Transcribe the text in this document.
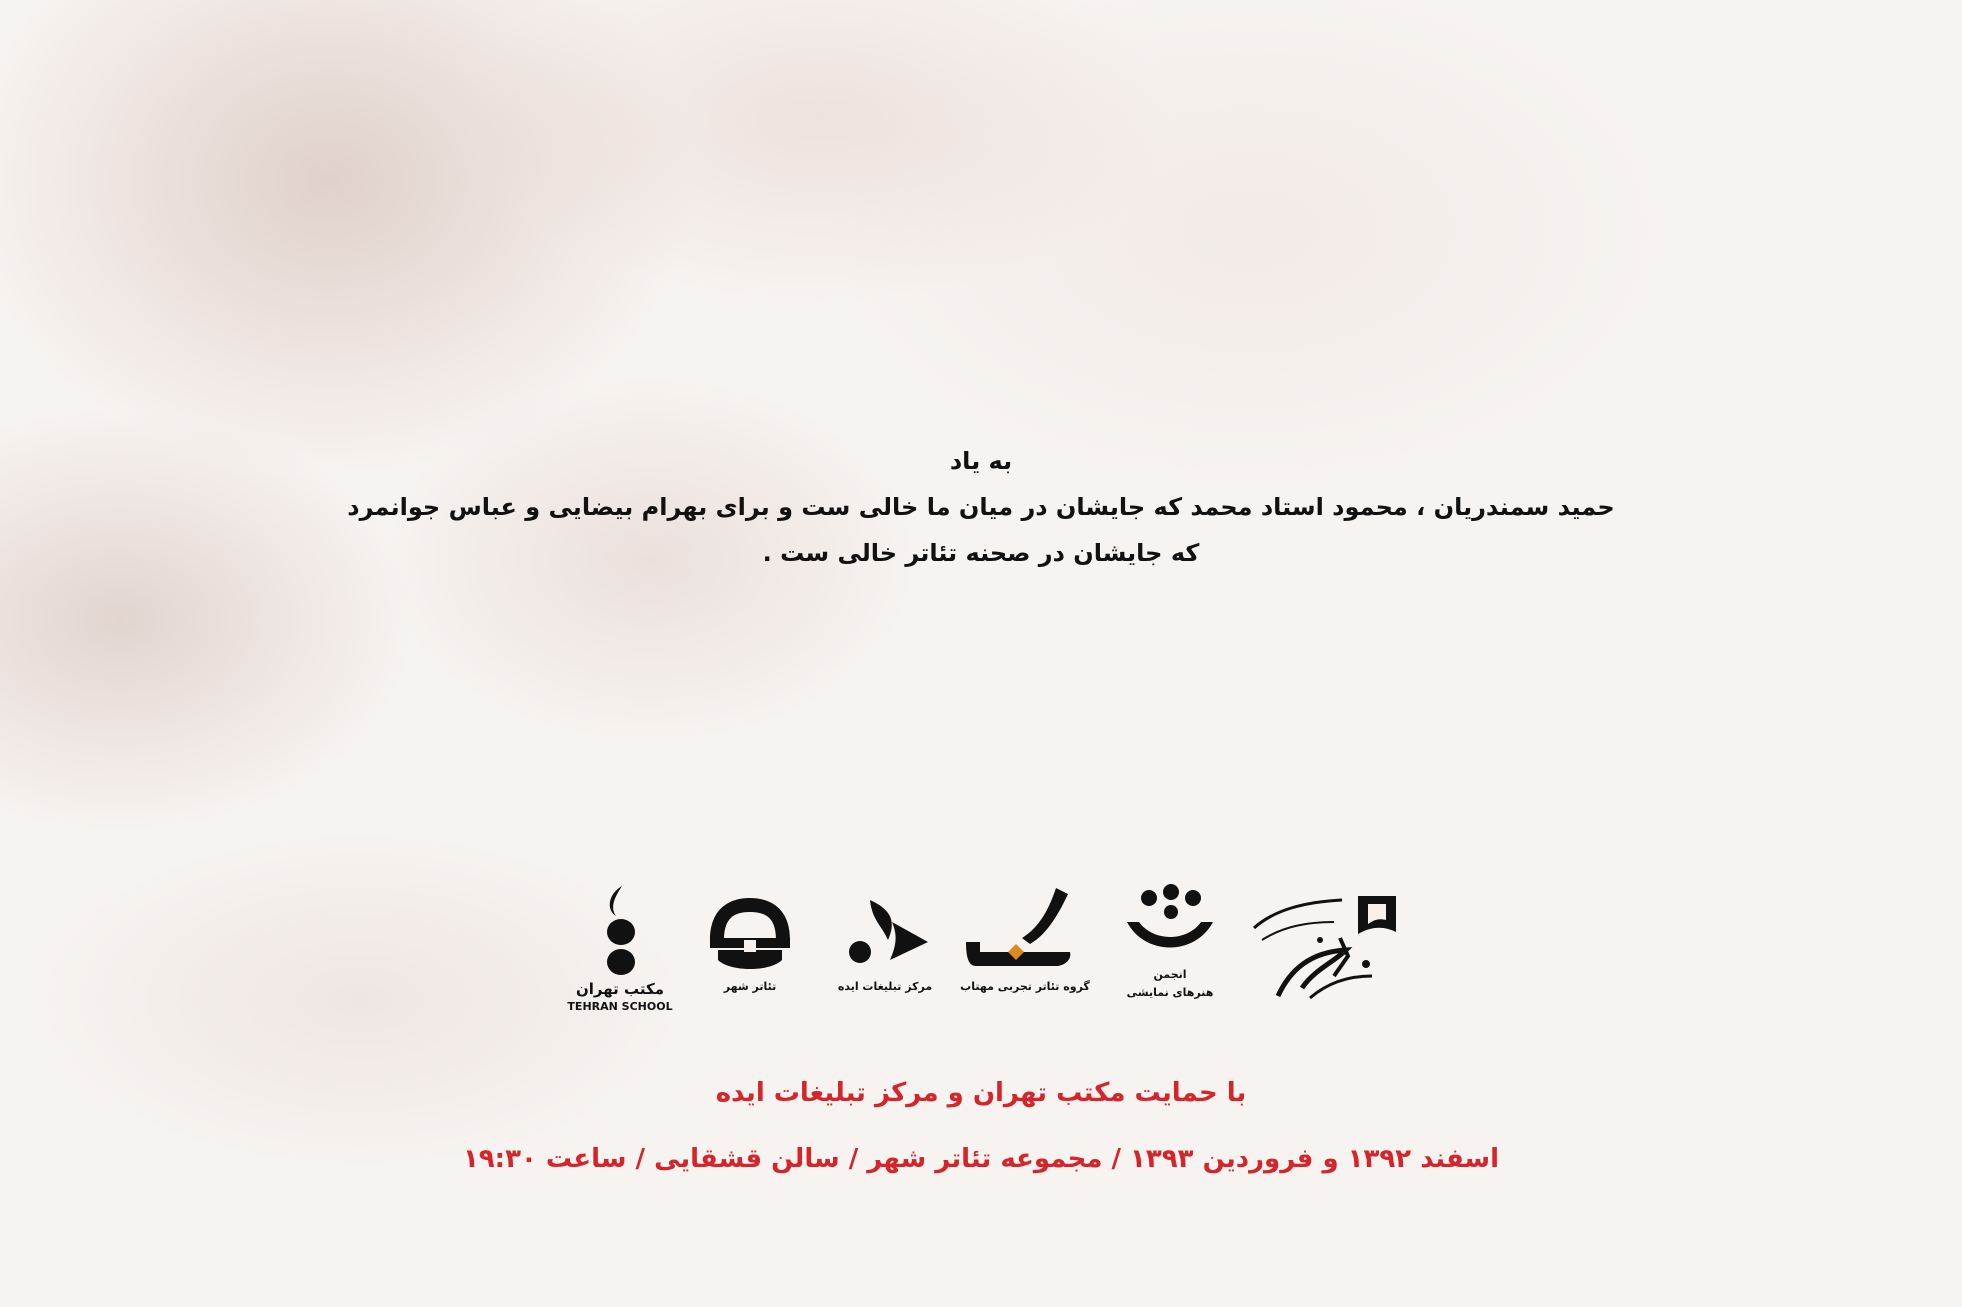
به یاد
حمید سمندریان ، محمود استاد محمد که جایشان در میان ما خالی ست و برای بهرام بیضایی و عباس جوانمرد
که جایشان در صحنه تئاتر خالی ست .
مکتب تهران
TEHRAN SCHOOL
تئاتر شهر	مرکز تبلیغات ایده	گروه تئاتر تجربی مهتاب
انجمن
هنرهای نمایشی
با حمایت مکتب تهران و مرکز تبلیغات ایده
اسفند ۱۳۹۲ و فروردین ۱۳۹۳ / مجموعه تئاتر شهر / سالن قشقایی / ساعت ۱۹:۳۰
